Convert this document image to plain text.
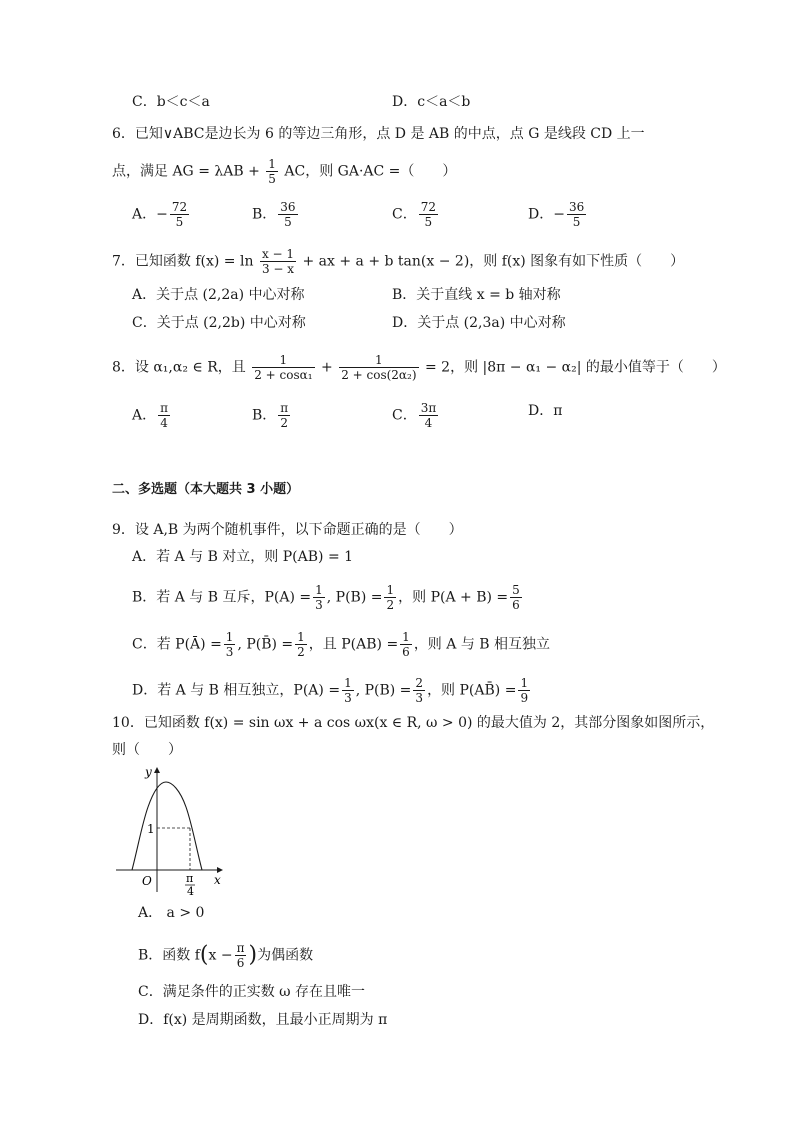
C．b＜c＜a	D．c＜a＜b
6．已知∨ABC是边长为 6 的等边三角形，点 D 是 AB 的中点，点 G 是线段 CD 上一
点，满足 AG = $\lambda AB + \frac{1}{5}$ AC，则 GA·AC =（　　）
A．− $\frac{72}{5}$	B． $\frac{36}{5}$	C． $\frac{72}{5}$	D．− $\frac{36}{5}$
7．已知函数 $f(x) = \ln \frac{x - 1}{3 - x}$ + ax + a + b tan(x − 2)，则 f(x) 图象有如下性质（　　）
A．关于点 (2,2a) 中心对称	B．关于直线 x = b 轴对称
C．关于点 (2,2b) 中心对称	D．关于点 (2,3a) 中心对称
8．设 α₁,α₂ ∈ R，且 $\frac{1}{\text{2 + cosα₁}} + \frac{1}{\text{2 + cos(2α₂)}} = 2$，则 |8π − α₁ − α₂| 的最小值等于（　　）
A． $\frac{\pi}{4}$	B． $\frac{\pi}{2}$	C． $\frac{3\pi}{4}$	D．π
二、多选题（本大题共 3 小题）
9．设 A,B 为两个随机事件，以下命题正确的是（　　）
A．若 A 与 B 对立，则 P(AB) = 1
B．若 A 与 B 互斥，$P(A) = \frac{1}{3}$ , $P(B) = \frac{1}{2}$ ，则 $P(A + B) = \frac{5}{6}$
C．若 P(Ā) = $\frac{1}{3}$ , P(B̄) = $\frac{1}{2}$ ，且 $P(AB) = \frac{1}{6}$ ，则 A 与 B 相互独立
D．若 A 与 B 相互独立，$P(A) = \frac{1}{3}$ , $P(B) = \frac{2}{3}$ ，则 P(AB̄) = $\frac{1}{9}$
10．已知函数 f(x) = sin ωx + a cos ωx(x ∈ R, ω > 0) 的最大值为 2，其部分图象如图所示，
则（　　）
y
x
O
1
π
4
A． a > 0
B．函数 $f(x - \frac{\pi}{6}$ )为偶函数
C．满足条件的正实数 ω 存在且唯一
D．f(x) 是周期函数，且最小正周期为 π
